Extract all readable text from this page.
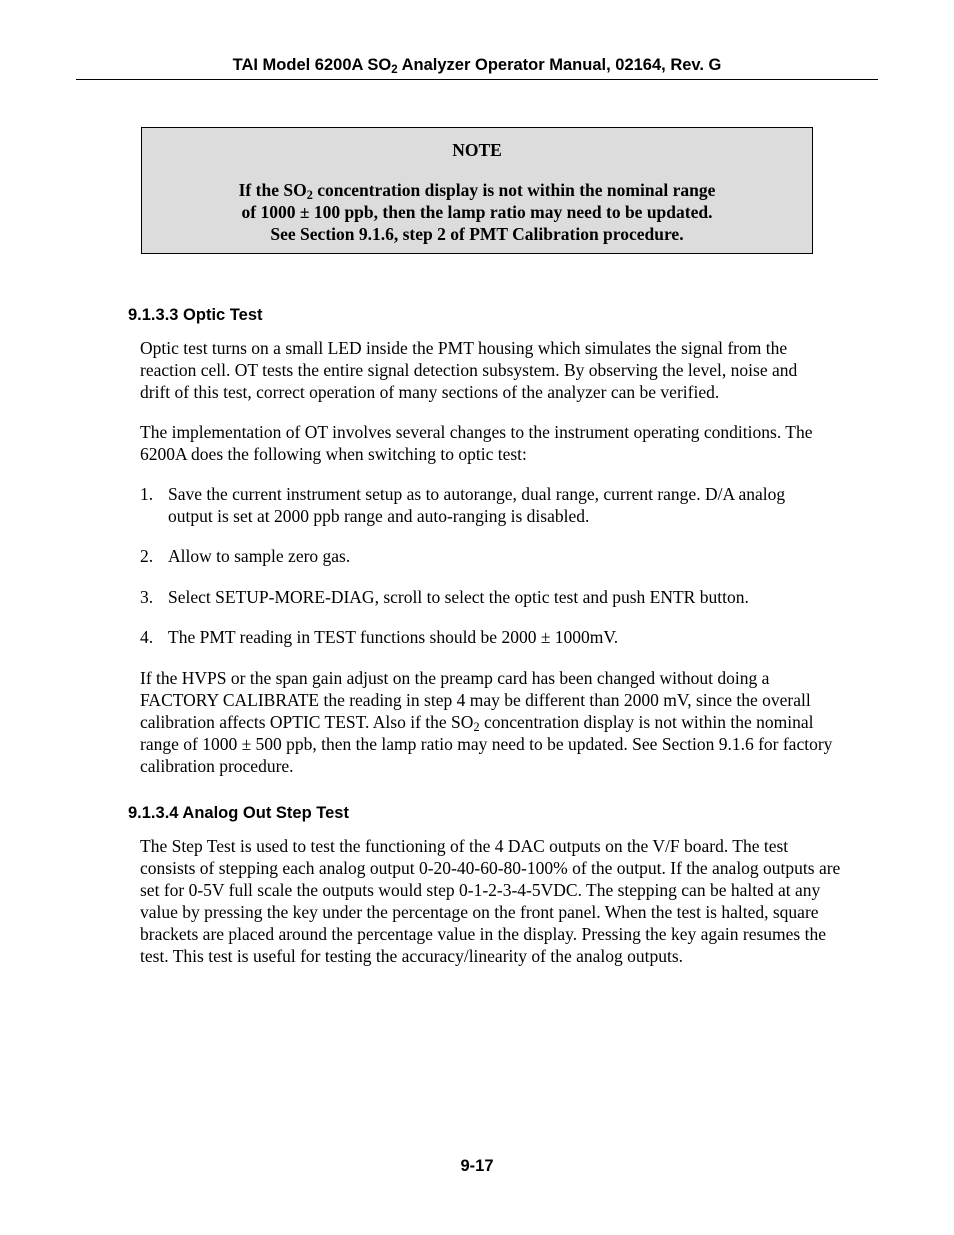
TAI Model 6200A $SO_2$ Analyzer Operator Manual, 02164, Rev. G
NOTE
If the $SO_2$ concentration display is not within the nominal range
of 1000 ± 100 ppb, then the lamp ratio may need to be updated.
See Section 9.1.6, step 2 of PMT Calibration procedure.
9.1.3.3 Optic Test
Optic test turns on a small LED inside the PMT housing which simulates the signal from the
reaction cell. OT tests the entire signal detection subsystem. By observing the level, noise and
drift of this test, correct operation of many sections of the analyzer can be verified.
The implementation of OT involves several changes to the instrument operating conditions. The
6200A does the following when switching to optic test:
1. Save the current instrument setup as to autorange, dual range, current range. D/A analog
output is set at 2000 ppb range and auto-ranging is disabled.
2. Allow to sample zero gas.
3. Select SETUP-MORE-DIAG, scroll to select the optic test and push ENTR button.
4. The PMT reading in TEST functions should be 2000 ± 1000mV.
If the HVPS or the span gain adjust on the preamp card has been changed without doing a
FACTORY CALIBRATE the reading in step 4 may be different than 2000 mV, since the overall
calibration affects OPTIC TEST. Also if the $SO_2$ concentration display is not within the nominal
range of 1000 ± 500 ppb, then the lamp ratio may need to be updated. See Section 9.1.6 for factory
calibration procedure.
9.1.3.4 Analog Out Step Test
The Step Test is used to test the functioning of the 4 DAC outputs on the V/F board. The test
consists of stepping each analog output 0-20-40-60-80-100% of the output. If the analog outputs are
set for 0-5V full scale the outputs would step 0-1-2-3-4-5VDC. The stepping can be halted at any
value by pressing the key under the percentage on the front panel. When the test is halted, square
brackets are placed around the percentage value in the display. Pressing the key again resumes the
test. This test is useful for testing the accuracy/linearity of the analog outputs.
9-17
